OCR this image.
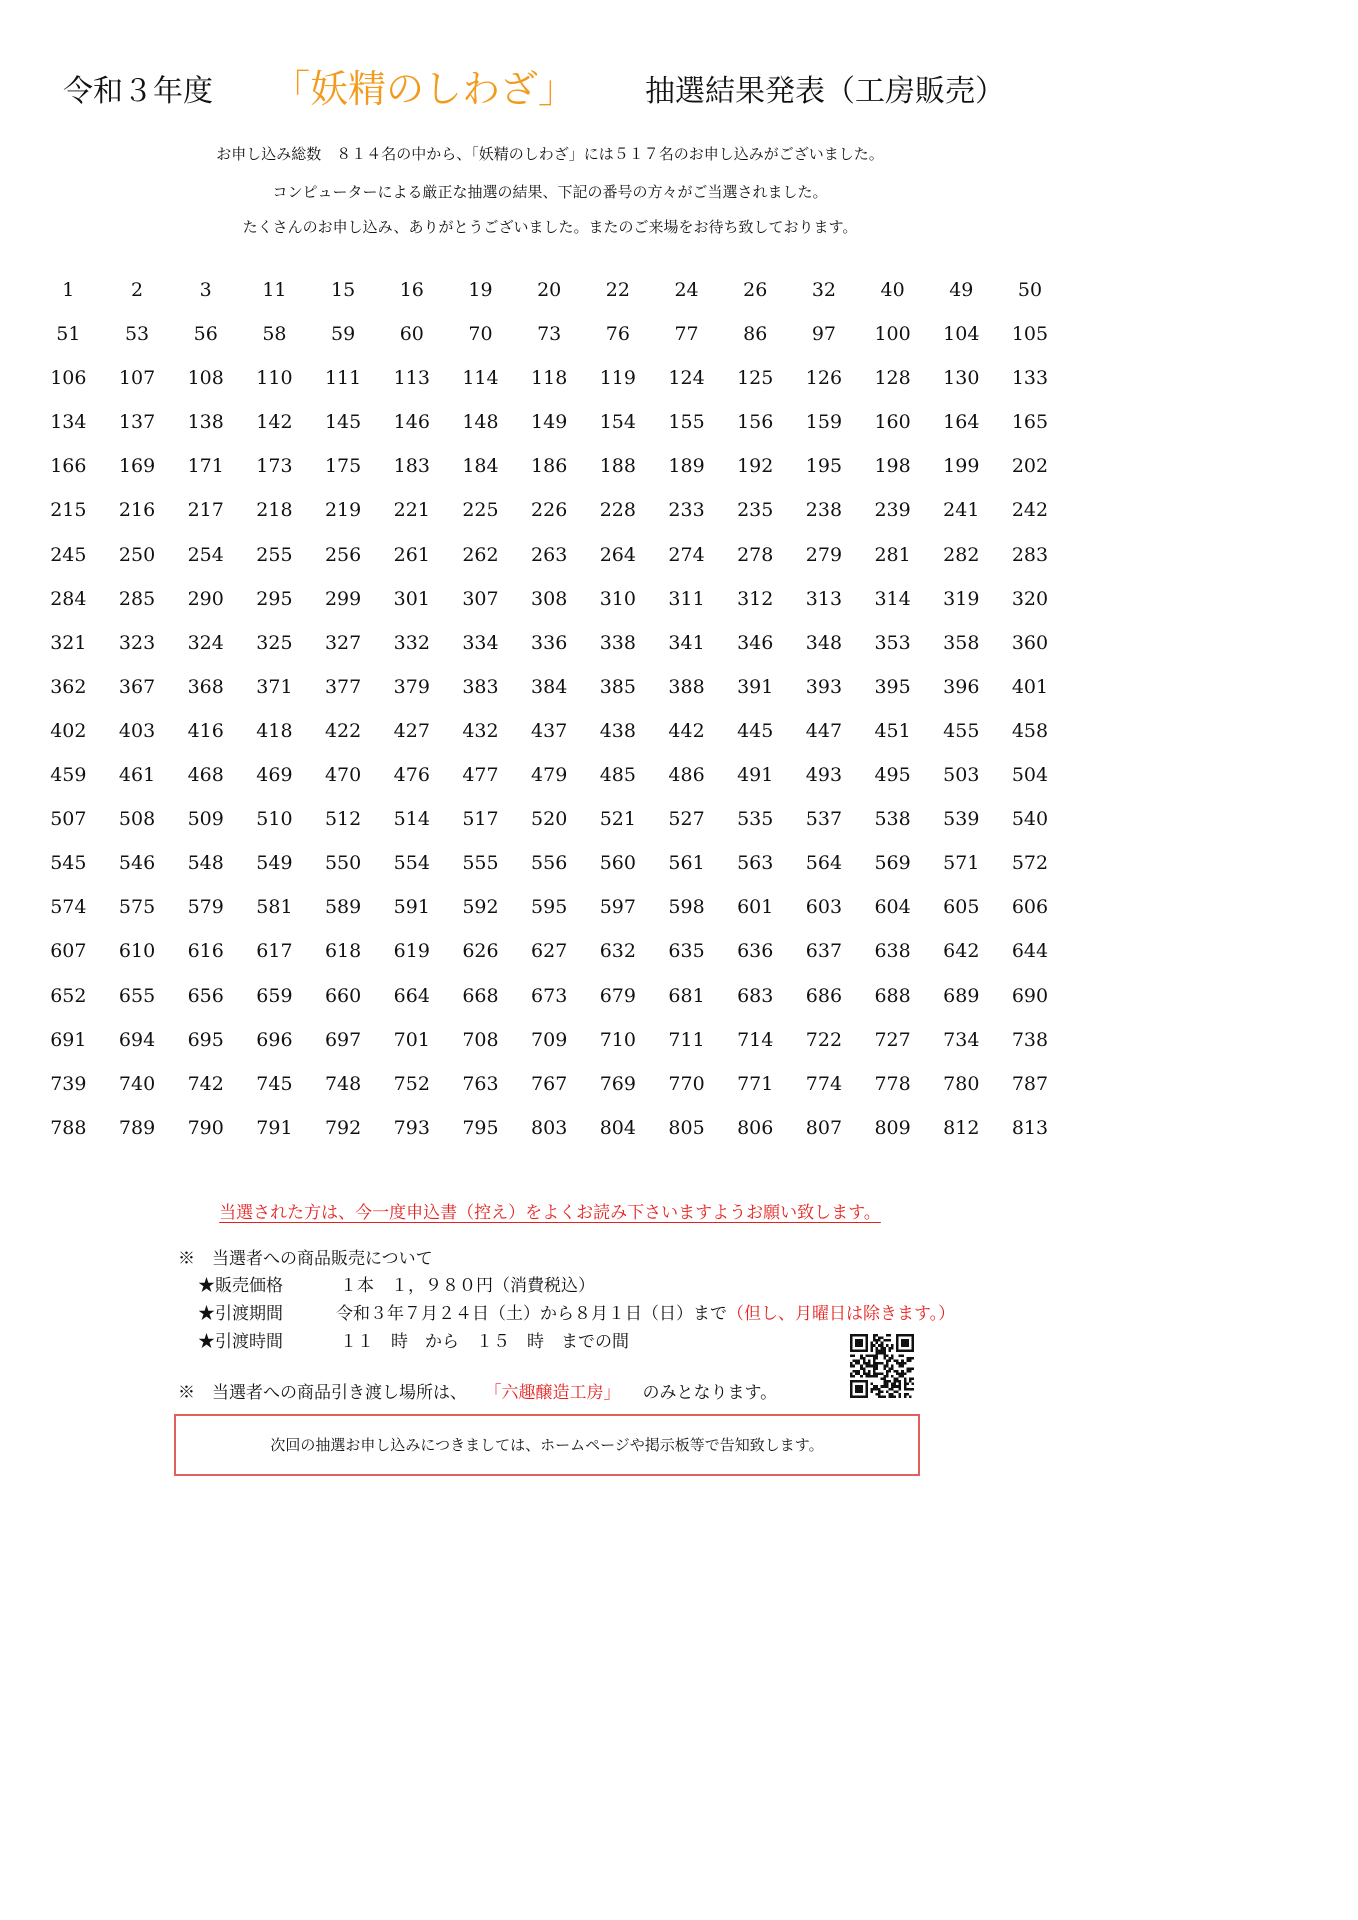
令和３年度 「妖精のしわざ」 抽選結果発表（工房販売）
お申し込み総数　８１４名の中から、「妖精のしわざ」には５１７名のお申し込みがございました。
コンピューターによる厳正な抽選の結果、下記の番号の方々がご当選されました。
たくさんのお申し込み、ありがとうございました。またのご来場をお待ち致しております。
1	2	3	11	15	16	19	20	22	24	26	32	40	49	50
51	53	56	58	59	60	70	73	76	77	86	97	100	104	105
106	107	108	110	111	113	114	118	119	124	125	126	128	130	133
134	137	138	142	145	146	148	149	154	155	156	159	160	164	165
166	169	171	173	175	183	184	186	188	189	192	195	198	199	202
215	216	217	218	219	221	225	226	228	233	235	238	239	241	242
245	250	254	255	256	261	262	263	264	274	278	279	281	282	283
284	285	290	295	299	301	307	308	310	311	312	313	314	319	320
321	323	324	325	327	332	334	336	338	341	346	348	353	358	360
362	367	368	371	377	379	383	384	385	388	391	393	395	396	401
402	403	416	418	422	427	432	437	438	442	445	447	451	455	458
459	461	468	469	470	476	477	479	485	486	491	493	495	503	504
507	508	509	510	512	514	517	520	521	527	535	537	538	539	540
545	546	548	549	550	554	555	556	560	561	563	564	569	571	572
574	575	579	581	589	591	592	595	597	598	601	603	604	605	606
607	610	616	617	618	619	626	627	632	635	636	637	638	642	644
652	655	656	659	660	664	668	673	679	681	683	686	688	689	690
691	694	695	696	697	701	708	709	710	711	714	722	727	734	738
739	740	742	745	748	752	763	767	769	770	771	774	778	780	787
788	789	790	791	792	793	795	803	804	805	806	807	809	812	813
当選された方は、今一度申込書（控え）をよくお読み下さいますようお願い致します。
※　当選者への商品販売について
★販売価格	１本　１，９８０円（消費税込）
★引渡期間	令和３年７月２４日（土）から８月１日（日）まで（但し、月曜日は除きます。）
★引渡時間	１１　時　から　１５　時　までの間
※　当選者への商品引き渡し場所は、 「六趣醸造工房」 のみとなります。
次回の抽選お申し込みにつきましては、ホームページや掲示板等で告知致します。
